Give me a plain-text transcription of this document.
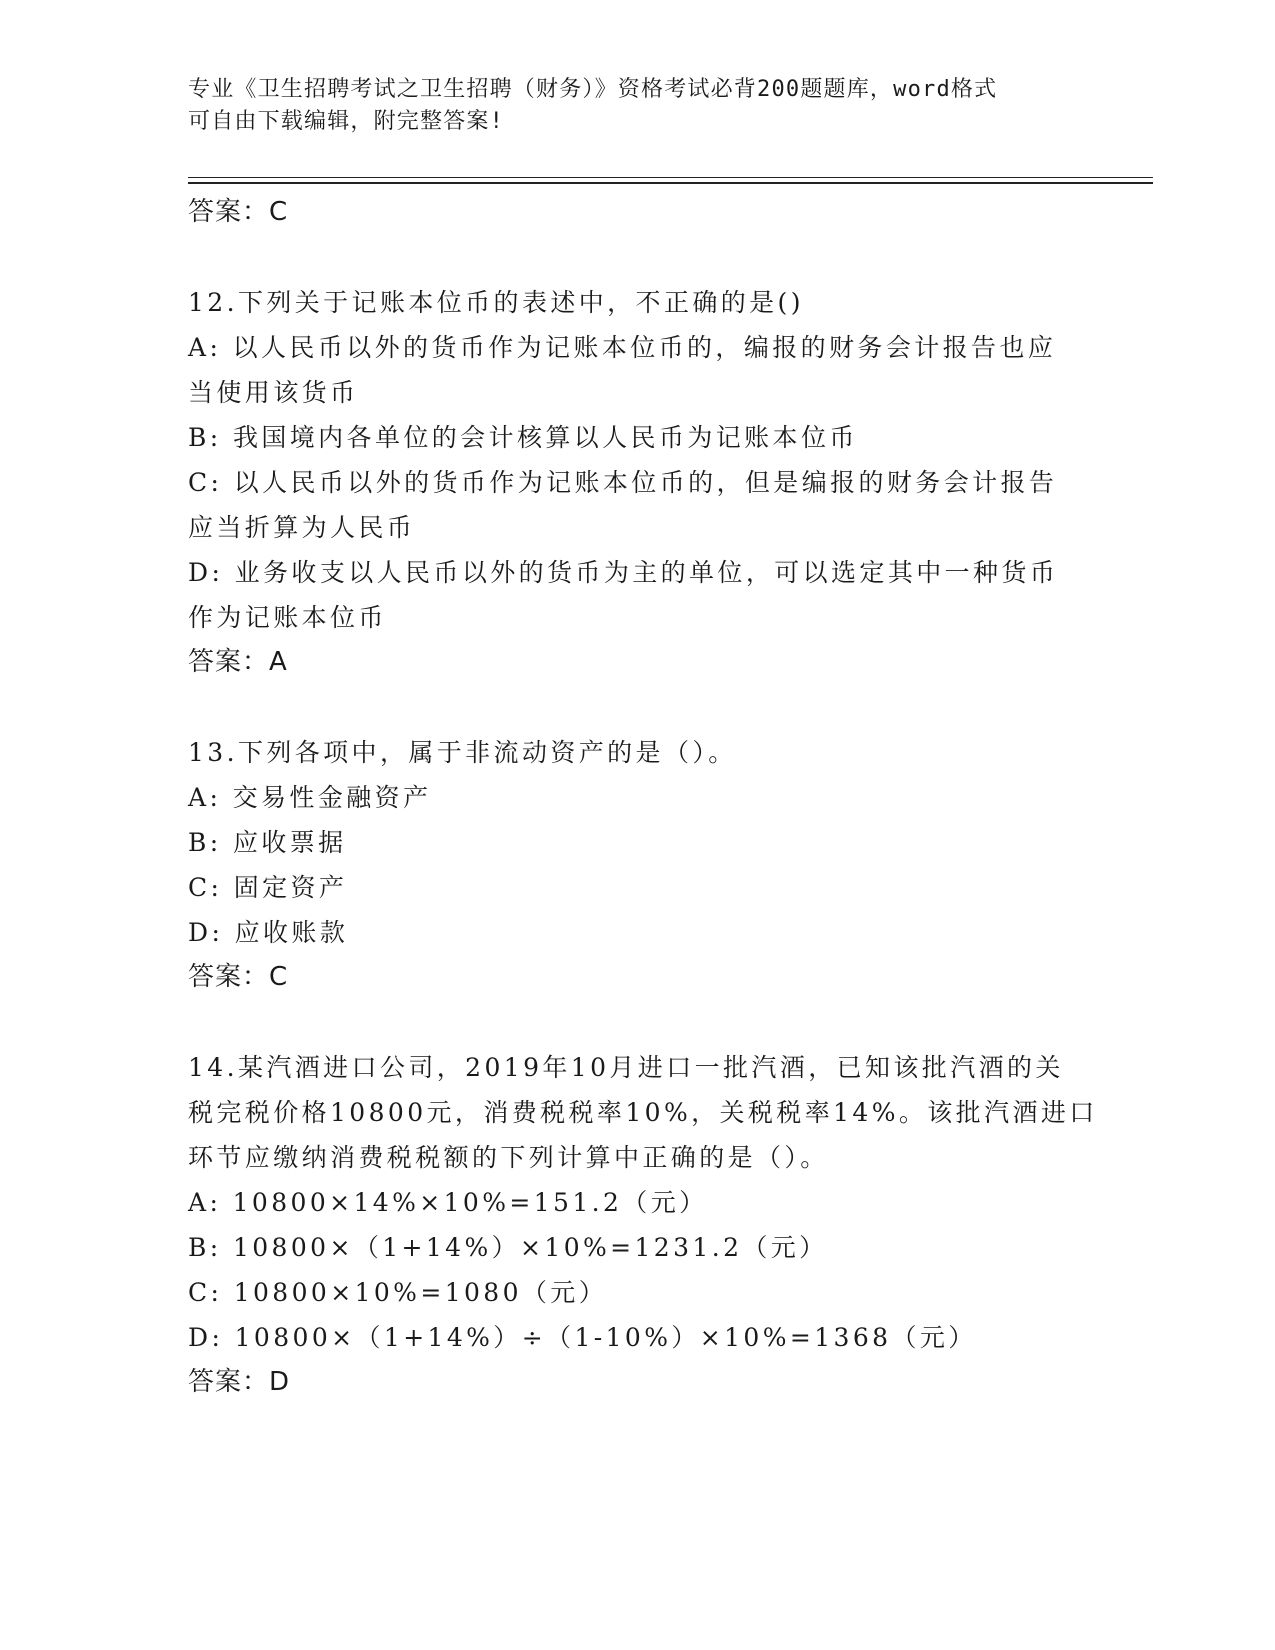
专业《卫生招聘考试之卫生招聘（财务）》资格考试必背200题题库，word格式
可自由下载编辑，附完整答案!
答案：C
12.下列关于记账本位币的表述中，不正确的是()
A: 以人民币以外的货币作为记账本位币的，编报的财务会计报告也应
当使用该货币
B: 我国境内各单位的会计核算以人民币为记账本位币
C: 以人民币以外的货币作为记账本位币的，但是编报的财务会计报告
应当折算为人民币
D: 业务收支以人民币以外的货币为主的单位，可以选定其中一种货币
作为记账本位币
答案：A
13.下列各项中，属于非流动资产的是（）。
A: 交易性金融资产
B: 应收票据
C: 固定资产
D: 应收账款
答案：C
14.某汽酒进口公司，2019年10月进口一批汽酒，已知该批汽酒的关
税完税价格10800元，消费税税率10%，关税税率14%。该批汽酒进口
环节应缴纳消费税税额的下列计算中正确的是（）。
A: 10800×14%×10%=151.2（元）
B: 10800×（1+14%）×10%=1231.2（元）
C: 10800×10%=1080（元）
D: 10800×（1+14%）÷（1-10%）×10%=1368（元）
答案：D
